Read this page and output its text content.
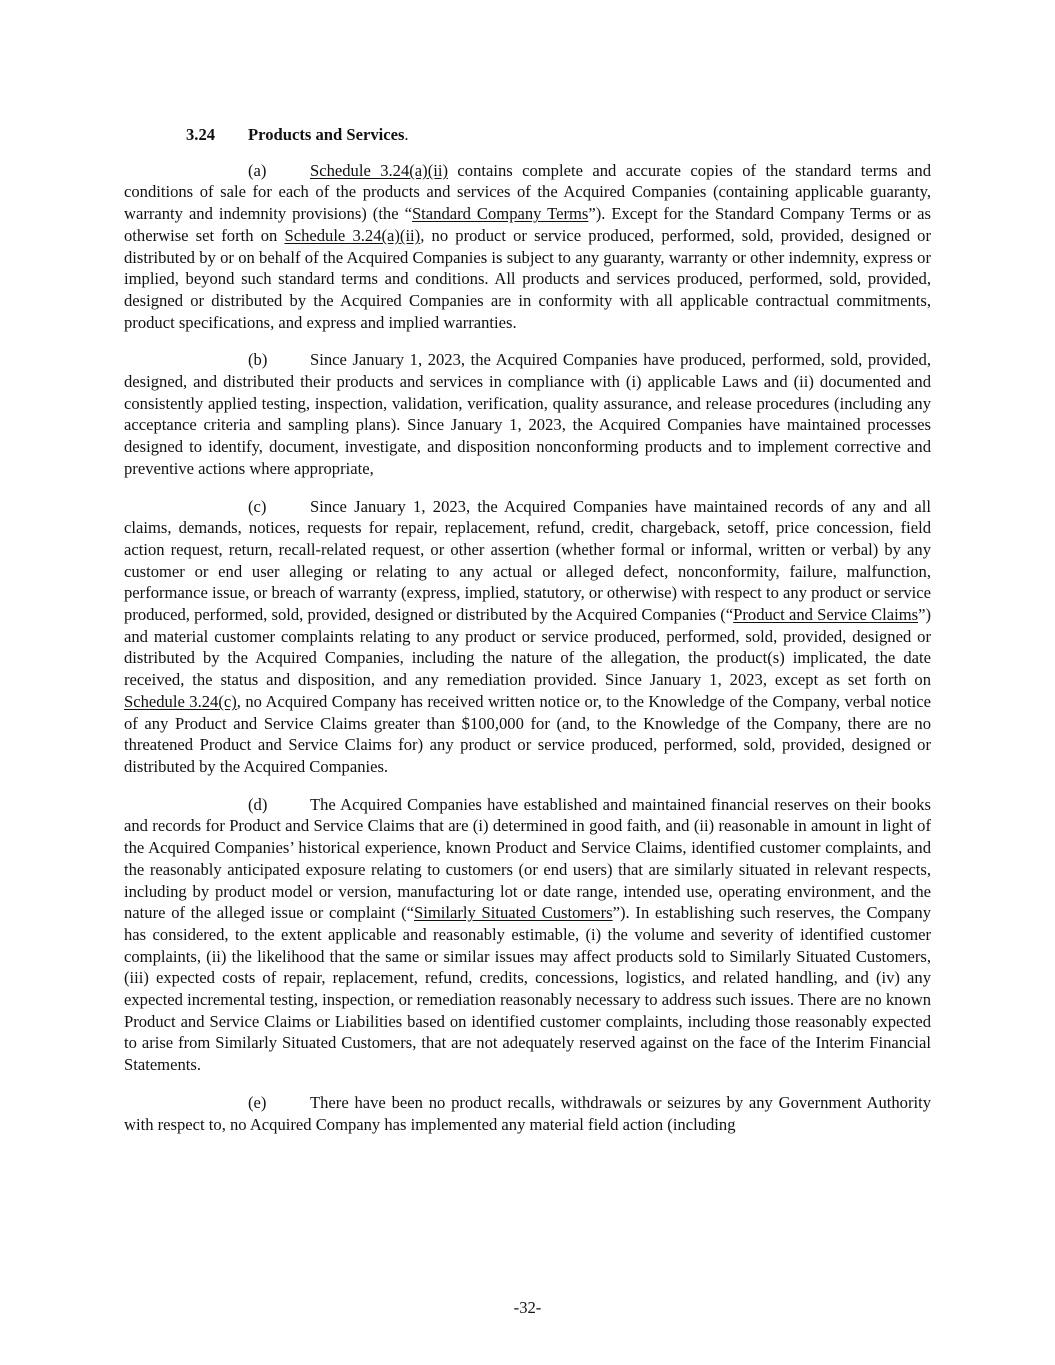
3.24 Products and Services.

(a)	Schedule 3.24(a)(ii) contains complete and accurate copies of the standard terms and conditions of sale for each of the products and services of the Acquired Companies (containing applicable guaranty, warranty and indemnity provisions) (the “Standard Company Terms”). Except for the Standard Company Terms or as otherwise set forth on Schedule 3.24(a)(ii), no product or service produced, performed, sold, provided, designed or distributed by or on behalf of the Acquired Companies is subject to any guaranty, warranty or other indemnity, express or implied, beyond such standard terms and conditions. All products and services produced, performed, sold, provided, designed or distributed by the Acquired Companies are in conformity with all applicable contractual commitments, product specifications, and express and implied warranties.

(b)	Since January 1, 2023, the Acquired Companies have produced, performed, sold, provided, designed, and distributed their products and services in compliance with (i) applicable Laws and (ii) documented and consistently applied testing, inspection, validation, verification, quality assurance, and release procedures (including any acceptance criteria and sampling plans). Since January 1, 2023, the Acquired Companies have maintained processes designed to identify, document, investigate, and disposition nonconforming products and to implement corrective and preventive actions where appropriate,

(c)	Since January 1, 2023, the Acquired Companies have maintained records of any and all claims, demands, notices, requests for repair, replacement, refund, credit, chargeback, setoff, price concession, field action request, return, recall-related request, or other assertion (whether formal or informal, written or verbal) by any customer or end user alleging or relating to any actual or alleged defect, nonconformity, failure, malfunction, performance issue, or breach of warranty (express, implied, statutory, or otherwise) with respect to any product or service produced, performed, sold, provided, designed or distributed by the Acquired Companies (“Product and Service Claims”) and material customer complaints relating to any product or service produced, performed, sold, provided, designed or distributed by the Acquired Companies, including the nature of the allegation, the product(s) implicated, the date received, the status and disposition, and any remediation provided. Since January 1, 2023, except as set forth on Schedule 3.24(c), no Acquired Company has received written notice or, to the Knowledge of the Company, verbal notice of any Product and Service Claims greater than $100,000 for (and, to the Knowledge of the Company, there are no threatened Product and Service Claims for) any product or service produced, performed, sold, provided, designed or distributed by the Acquired Companies.

(d)	The Acquired Companies have established and maintained financial reserves on their books and records for Product and Service Claims that are (i) determined in good faith, and (ii) reasonable in amount in light of the Acquired Companies’ historical experience, known Product and Service Claims, identified customer complaints, and the reasonably anticipated exposure relating to customers (or end users) that are similarly situated in relevant respects, including by product model or version, manufacturing lot or date range, intended use, operating environment, and the nature of the alleged issue or complaint (“Similarly Situated Customers”). In establishing such reserves, the Company has considered, to the extent applicable and reasonably estimable, (i) the volume and severity of identified customer complaints, (ii) the likelihood that the same or similar issues may affect products sold to Similarly Situated Customers, (iii) expected costs of repair, replacement, refund, credits, concessions, logistics, and related handling, and (iv) any expected incremental testing, inspection, or remediation reasonably necessary to address such issues. There are no known Product and Service Claims or Liabilities based on identified customer complaints, including those reasonably expected to arise from Similarly Situated Customers, that are not adequately reserved against on the face of the Interim Financial Statements.

(e)	There have been no product recalls, withdrawals or seizures by any Government Authority with respect to, no Acquired Company has implemented any material field action (including

-32-
